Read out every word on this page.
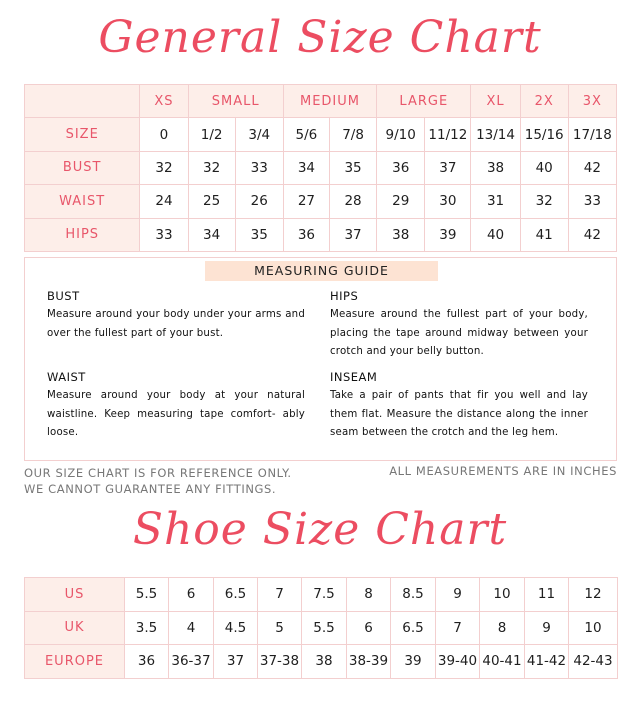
General Size Chart
	XS	SMALL		MEDIUM		LARGE		XL	2X	3X
SIZE	0	1/2	3/4	5/6	7/8	9/10	11/12	13/14	15/16	17/18
BUST	32	32	33	34	35	36	37	38	40	42
WAIST	24	25	26	27	28	29	30	31	32	33
HIPS	33	34	35	36	37	38	39	40	41	42
MEASURING GUIDE
BUST
Measure around your body under your arms and over the fullest part of your bust.
HIPS
Measure around the fullest part of your body, placing the tape around midway between your crotch and your belly button.
WAIST
Measure around your body at your natural waistline. Keep measuring tape comfort- ably loose.
INSEAM
Take a pair of pants that fir you well and lay them flat. Measure the distance along the inner seam between the crotch and the leg hem.
OUR SIZE CHART IS FOR REFERENCE ONLY.
WE CANNOT GUARANTEE ANY FITTINGS.
ALL MEASUREMENTS ARE IN INCHES
Shoe Size Chart
US	5.5	6	6.5	7	7.5	8	8.5	9	10	11	12
UK	3.5	4	4.5	5	5.5	6	6.5	7	8	9	10
EUROPE	36	36-37	37	37-38	38	38-39	39	39-40	40-41	41-42	42-43
